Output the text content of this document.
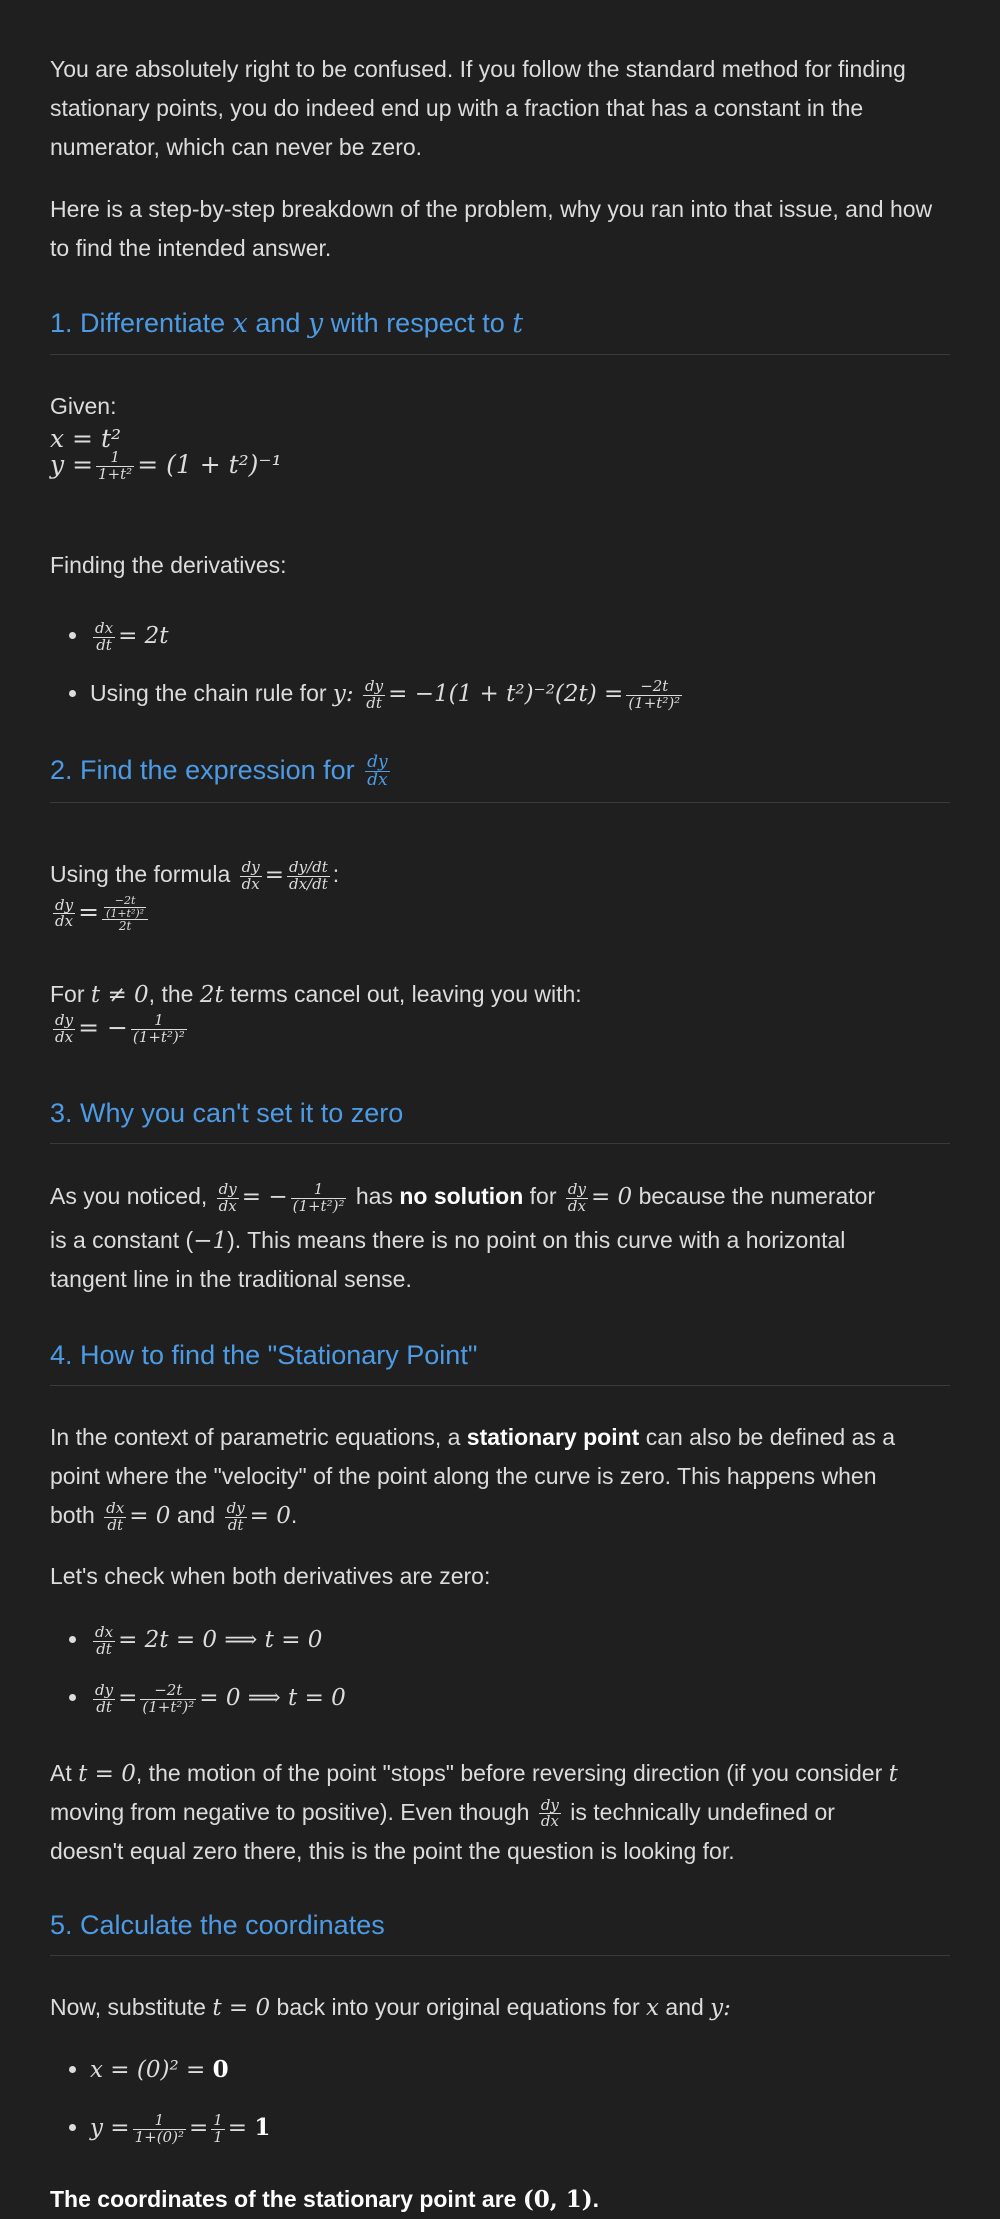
You are absolutely right to be confused. If you follow the standard method for finding stationary points, you do indeed end up with a fraction that has a constant in the numerator, which can never be zero.

Here is a step-by-step breakdown of the problem, why you ran into that issue, and how to find the intended answer.

1. Differentiate x and y with respect to t

Given:

x = t²
$y = \frac{1}{\text{1+t²}} = (1 + t^2)^{-1}$

Finding the derivatives:

• $\frac{dx}{dt} = 2t$
• Using the chain rule for y: $\frac{dy}{dt} = -1(1 + t^2)^{-2}(2t) = \frac{-2t}{\text{(1+t²)²}}$
2. Find the expression for $\frac{dy}{dx}$

Using the formula $\frac{dy}{dx} = \frac{dy/dt}{dx/dt}$ :

$\frac{dy}{dx} = \frac{\frac{-2t}{\text{(1+t²)²}}}{2t}$

For t ≠ 0, the 2t terms cancel out, leaving you with:

$\frac{dy}{dx}$ = − $\frac{1}{\text{(1+t²)²}}$
3. Why you can't set it to zero

As you noticed, $\frac{dy}{dx}$ = − $\frac{1}{\text{(1+t²)²}}$ has no solution for $\frac{dy}{dx} = 0$ because the numerator

is a constant (−1). This means there is no point on this curve with a horizontal

tangent line in the traditional sense.

4. How to find the "Stationary Point"

In the context of parametric equations, a stationary point can also be defined as a

point where the "velocity" of the point along the curve is zero. This happens when

both $\frac{dx}{dt} = 0$ and $\frac{dy}{dt} = 0$.

Let's check when both derivatives are zero:

• $\frac{dx}{dt} = 2t = 0$ ⟹ t = 0
• $\frac{dy}{dt} = \frac{-2t}{\text{(1+t²)²}} = 0$ ⟹ t = 0

At t = 0, the motion of the point "stops" before reversing direction (if you consider t

moving from negative to positive). Even though $\frac{dy}{dx}$ is technically undefined or

doesn't equal zero there, this is the point the question is looking for.

5. Calculate the coordinates

Now, substitute t = 0 back into your original equations for x and y:

• x = (0)² = 0
• $y = \frac{1}{\text{1+(0)²}} = \frac{1}{1} = 1$

The coordinates of the stationary point are (0, 1).
